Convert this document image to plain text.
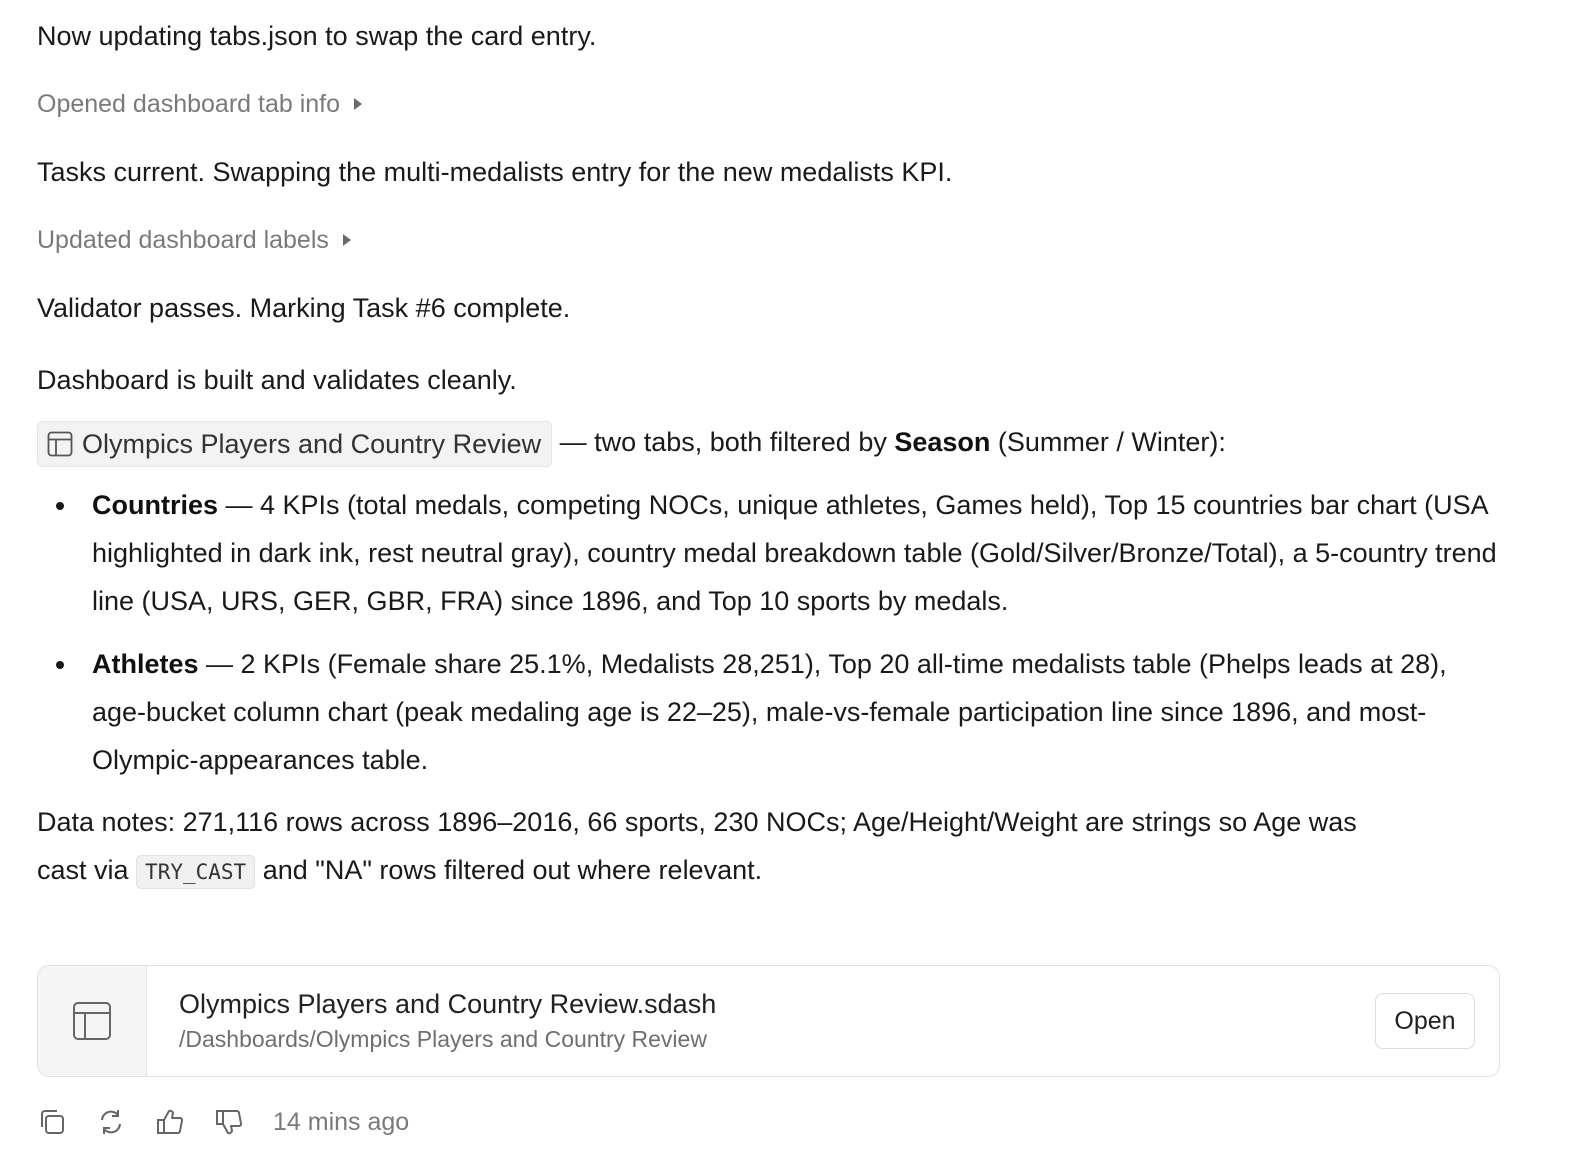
Now updating tabs.json to swap the card entry.

Opened dashboard tab info

Tasks current. Swapping the multi-medalists entry for the new medalists KPI.

Updated dashboard labels

Validator passes. Marking Task #6 complete.

Dashboard is built and validates cleanly.

Olympics Players and Country Review — two tabs, both filtered by Season (Summer / Winter):

Countries — 4 KPIs (total medals, competing NOCs, unique athletes, Games held), Top 15 countries bar chart (USA highlighted in dark ink, rest neutral gray), country medal breakdown table (Gold/Silver/Bronze/Total), a 5-country trend line (USA, URS, GER, GBR, FRA) since 1896, and Top 10 sports by medals.
Athletes — 2 KPIs (Female share 25.1%, Medalists 28,251), Top 20 all-time medalists table (Phelps leads at 28), age-bucket column chart (peak medaling age is 22–25), male-vs-female participation line since 1896, and most-Olympic-appearances table.

Data notes: 271,116 rows across 1896–2016, 66 sports, 230 NOCs; Age/Height/Weight are strings so Age was

cast via TRY_CAST and "NA" rows filtered out where relevant.

Olympics Players and Country Review.sdash
/Dashboards/Olympics Players and Country Review
Open
14 mins ago
